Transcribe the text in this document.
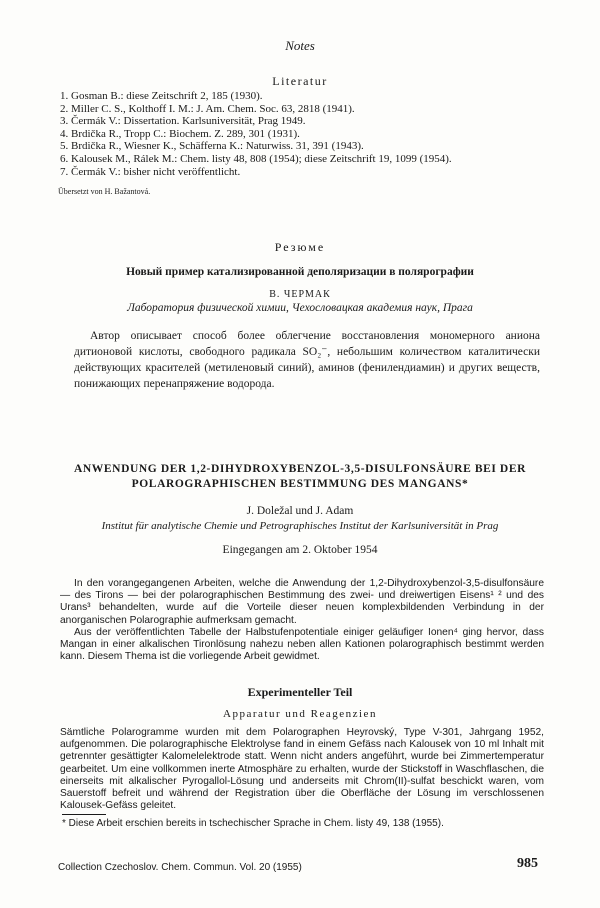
Notes
Literatur
1. Gosman B.: diese Zeitschrift 2, 185 (1930).
2. Miller C. S., Kolthoff I. M.: J. Am. Chem. Soc. 63, 2818 (1941).
3. Čermák V.: Dissertation. Karlsuniversität, Prag 1949.
4. Brdička R., Tropp C.: Biochem. Z. 289, 301 (1931).
5. Brdička R., Wiesner K., Schäfferna K.: Naturwiss. 31, 391 (1943).
6. Kalousek M., Rálek M.: Chem. listy 48, 808 (1954); diese Zeitschrift 19, 1099 (1954).
7. Čermák V.: bisher nicht veröffentlicht.
Übersetzt von H. Bažantová.
Резюме
Новый пример катализированной деполяризации в полярографии
В. ЧЕРМАК
Лаборатория физической химии, Чехословацкая академия наук, Прага

Автор описывает способ более облегчение восстановления мономерного аниона дитионовой кислоты, свободного радикала SO₂⁻, небольшим количеством каталитически действующих красителей (метиленовый синий), аминов (фенилендиамин) и других веществ, понижающих перенапряжение водорода.

ANWENDUNG DER 1,2-DIHYDROXYBENZOL-3,5-DISULFONSÄURE BEI DER POLAROGRAPHISCHEN BESTIMMUNG DES MANGANS*
J. Doležal und J. Adam
Institut für analytische Chemie und Petrographisches Institut der Karlsuniversität in Prag
Eingegangen am 2. Oktober 1954

In den vorangegangenen Arbeiten, welche die Anwendung der 1,2-Dihydroxybenzol-3,5-disulfonsäure — des Tirons — bei der polarographischen Bestimmung des zwei- und dreiwertigen Eisens¹ ² und des Urans³ behandelten, wurde auf die Vorteile dieser neuen komplexbildenden Verbindung in der anorganischen Polarographie aufmerksam gemacht.

Aus der veröffentlichten Tabelle der Halbstufenpotentiale einiger geläufiger Ionen⁴ ging hervor, dass Mangan in einer alkalischen Tironlösung nahezu neben allen Kationen polarographisch bestimmt werden kann. Diesem Thema ist die vorliegende Arbeit gewidmet.

Experimenteller Teil
Apparatur und Reagenzien

Sämtliche Polarogramme wurden mit dem Polarographen Heyrovský, Type V-301, Jahrgang 1952, aufgenommen. Die polarographische Elektrolyse fand in einem Gefäss nach Kalousek von 10 ml Inhalt mit getrennter gesättigter Kalomelelektrode statt. Wenn nicht anders angeführt, wurde bei Zimmertemperatur gearbeitet. Um eine vollkommen inerte Atmosphäre zu erhalten, wurde der Stickstoff in Waschflaschen, die einerseits mit alkalischer Pyrogallol-Lösung und anderseits mit Chrom(II)-sulfat beschickt waren, vom Sauerstoff befreit und während der Registration über die Oberfläche der Lösung im verschlossenen Kalousek-Gefäss geleitet.

* Diese Arbeit erschien bereits in tschechischer Sprache in Chem. listy 49, 138 (1955).
Collection Czechoslov. Chem. Commun. Vol. 20 (1955)	985
